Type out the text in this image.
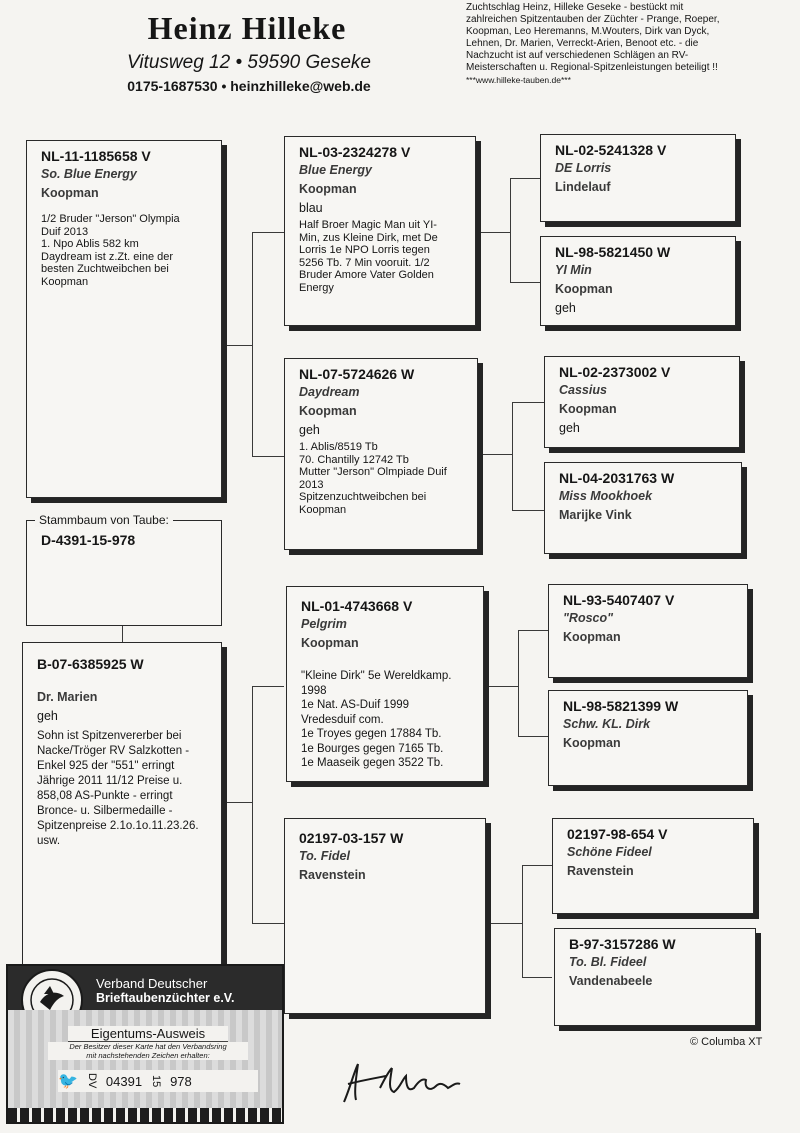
Heinz Hilleke
Vitusweg 12 • 59590 Geseke
0175-1687530 • heinzhilleke@web.de
Zuchtschlag Heinz, Hilleke Geseke - bestückt mit
zahlreichen Spitzentauben der Züchter - Prange, Roeper,
Koopman, Leo Heremanns, M.Wouters, Dirk van Dyck,
Lehnen, Dr. Marien, Verreckt-Arien, Benoot etc. - die
Nachzucht ist auf verschiedenen Schlägen an RV-
Meisterschaften u. Regional-Spitzenleistungen beteiligt !!
***www.hilleke-tauben.de***
NL-11-1185658 V
So. Blue Energy
Koopman
1/2 Bruder "Jerson" Olympia
Duif 2013
1. Npo Ablis 582 km
Daydream ist z.Zt. eine der
besten Zuchtweibchen bei
Koopman
Stammbaum von Taube:
D-4391-15-978
B-07-6385925 W
Dr. Marien
geh
Sohn ist Spitzenvererber bei
Nacke/Tröger RV Salzkotten -
Enkel 925 der "551" erringt
Jährige 2011 11/12 Preise u.
858,08 AS-Punkte - erringt
Bronce- u. Silbermedaille -
Spitzenpreise 2.1o.1o.11.23.26.
usw.
NL-03-2324278 V
Blue Energy
Koopman
blau
Half Broer Magic Man uit YI-
Min, zus Kleine Dirk, met De
Lorris 1e NPO Lorris tegen
5256 Tb. 7 Min vooruit. 1/2
Bruder Amore Vater Golden
Energy
NL-07-5724626 W
Daydream
Koopman
geh
1. Ablis/8519 Tb
70. Chantilly 12742 Tb
Mutter "Jerson" Olmpiade Duif
2013
Spitzenzuchtweibchen bei
Koopman
NL-01-4743668 V
Pelgrim
Koopman
"Kleine Dirk" 5e Wereldkamp.
1998
1e Nat. AS-Duif 1999
Vredesduif com.
1e Troyes gegen 17884 Tb.
1e Bourges gegen 7165 Tb.
1e Maaseik gegen 3522 Tb.
02197-03-157 W
To. Fidel
Ravenstein
NL-02-5241328 V
DE Lorris
Lindelauf
NL-98-5821450 W
YI Min
Koopman
geh
NL-02-2373002 V
Cassius
Koopman
geh
NL-04-2031763 W
Miss Mookhoek
Marijke Vink
NL-93-5407407 V
"Rosco"
Koopman
NL-98-5821399 W
Schw. KL. Dirk
Koopman
02197-98-654 V
Schöne Fideel
Ravenstein
B-97-3157286 W
To. Bl. Fideel
Vandenabeele
© Columba XT
Verband Deutscher
Brieftaubenzüchter e.V.
Eigentums-Ausweis
Der Besitzer dieser Karte hat den Verbandsring
mit nachstehenden Zeichen erhalten:
🐦 DV 04391 15 978
